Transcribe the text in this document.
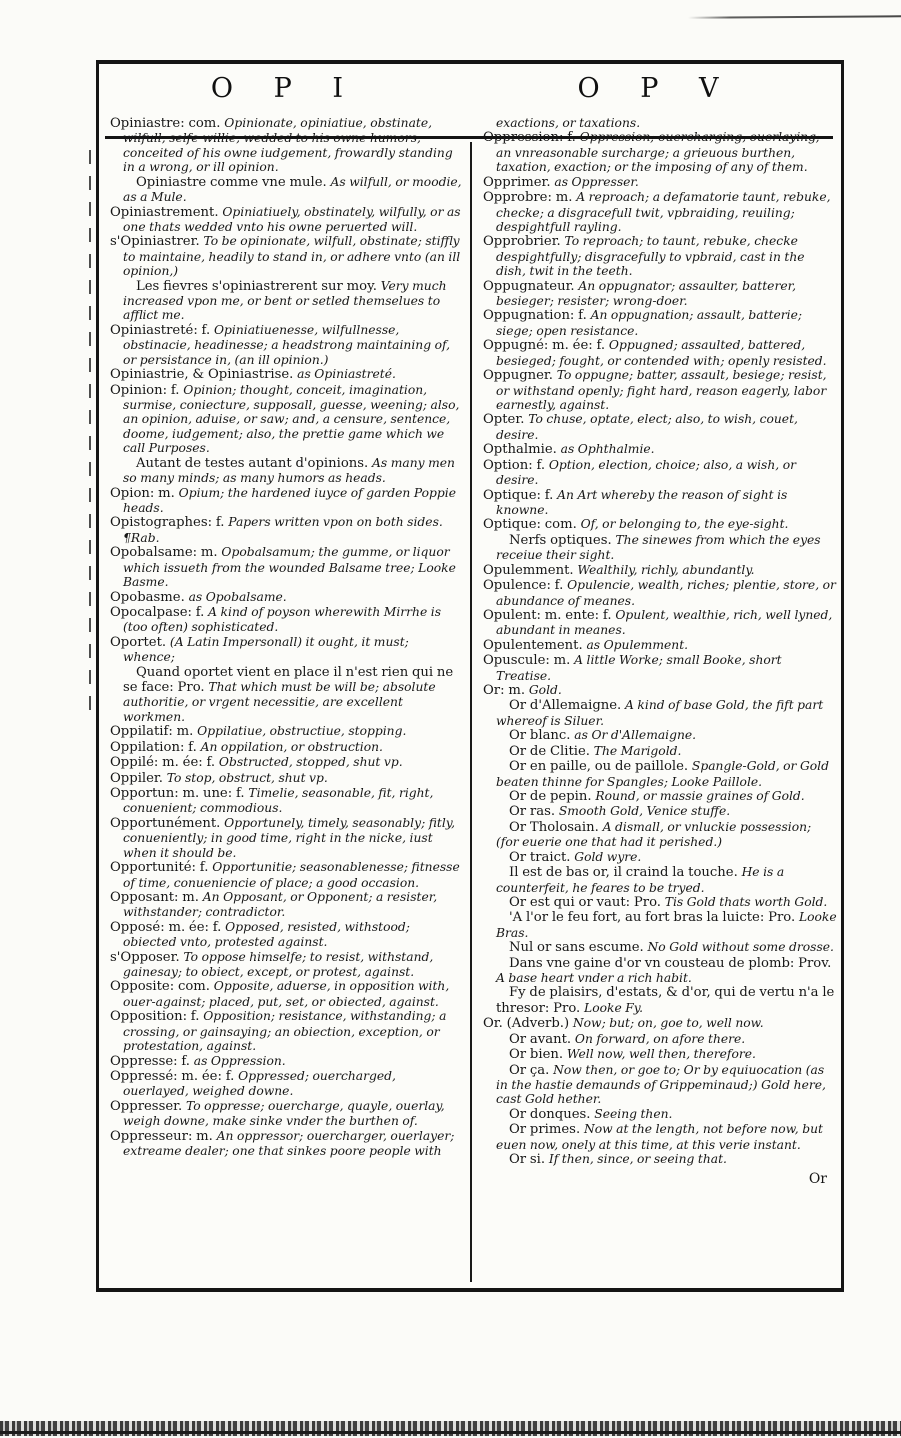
O P I	O P V

Opiniastre: com. Opinionate, opiniatiue, obstinate, wilfull, selfe-willie, wedded to his owne humors, conceited of his owne iudgement, frowardly standing in a wrong, or ill opinion.

Opiniastre comme vne mule. As wilfull, or moodie, as a Mule.

Opiniastrement. Opiniatiuely, obstinately, wilfully, or as one thats wedded vnto his owne peruerted will.

s'Opiniastrer. To be opinionate, wilfull, obstinate; stiffly to maintaine, headily to stand in, or adhere vnto (an ill opinion,)

Les fievres s'opiniastrerent sur moy. Very much increased vpon me, or bent or setled themselues to afflict me.

Opiniastreté: f. Opiniatiuenesse, wilfullnesse, obstinacie, headinesse; a headstrong maintaining of, or persistance in, (an ill opinion.)

Opiniastrie, & Opiniastrise. as Opiniastreté.

Opinion: f. Opinion; thought, conceit, imagination, surmise, coniecture, supposall, guesse, weening; also, an opinion, aduise, or saw; and, a censure, sentence, doome, iudgement; also, the prettie game which we call Purposes.

Autant de testes autant d'opinions. As many men so many minds; as many humors as heads.

Opion: m. Opium; the hardened iuyce of garden Poppie heads.

Opistographes: f. Papers written vpon on both sides. ¶Rab.

Opobalsame: m. Opobalsamum; the gumme, or liquor which issueth from the wounded Balsame tree; Looke Basme.

Opobasme. as Opobalsame.

Opocalpase: f. A kind of poyson wherewith Mirrhe is (too often) sophisticated.

Oportet. (A Latin Impersonall) it ought, it must; whence;

Quand oportet vient en place il n'est rien qui ne se face: Pro. That which must be will be; absolute authoritie, or vrgent necessitie, are excellent workmen.

Oppilatif: m. Oppilatiue, obstructiue, stopping.

Oppilation: f. An oppilation, or obstruction.

Oppilé: m. ée: f. Obstructed, stopped, shut vp.

Oppiler. To stop, obstruct, shut vp.

Opportun: m. une: f. Timelie, seasonable, fit, right, conuenient; commodious.

Opportunément. Opportunely, timely, seasonably; fitly, conueniently; in good time, right in the nicke, iust when it should be.

Opportunité: f. Opportunitie; seasonablenesse; fitnesse of time, conueniencie of place; a good occasion.

Opposant: m. An Opposant, or Opponent; a resister, withstander; contradictor.

Opposé: m. ée: f. Opposed, resisted, withstood; obiected vnto, protested against.

s'Opposer. To oppose himselfe; to resist, withstand, gainesay; to obiect, except, or protest, against.

Opposite: com. Opposite, aduerse, in opposition with, ouer-against; placed, put, set, or obiected, against.

Opposition: f. Opposition; resistance, withstanding; a crossing, or gainsaying; an obiection, exception, or protestation, against.

Oppresse: f. as Oppression.

Oppressé: m. ée: f. Oppressed; ouercharged, ouerlayed, weighed downe.

Oppresser. To oppresse; ouercharge, quayle, ouerlay, weigh downe, make sinke vnder the burthen of.

Oppresseur: m. An oppressor; ouercharger, ouerlayer; extreame dealer; one that sinkes poore people with

exactions, or taxations.

Oppression: f. Oppression; ouercharging, ouerlaying; an vnreasonable surcharge; a grieuous burthen, taxation, exaction; or the imposing of any of them.

Opprimer. as Oppresser.

Opprobre: m. A reproach; a defamatorie taunt, rebuke, checke; a disgracefull twit, vpbraiding, reuiling; despightfull rayling.

Opprobrier. To reproach; to taunt, rebuke, checke despightfully; disgracefully to vpbraid, cast in the dish, twit in the teeth.

Oppugnateur. An oppugnator; assaulter, batterer, besieger; resister; wrong-doer.

Oppugnation: f. An oppugnation; assault, batterie; siege; open resistance.

Oppugné: m. ée: f. Oppugned; assaulted, battered, besieged; fought, or contended with; openly resisted.

Oppugner. To oppugne; batter, assault, besiege; resist, or withstand openly; fight hard, reason eagerly, labor earnestly, against.

Opter. To chuse, optate, elect; also, to wish, couet, desire.

Opthalmie. as Ophthalmie.

Option: f. Option, election, choice; also, a wish, or desire.

Optique: f. An Art whereby the reason of sight is knowne.

Optique: com. Of, or belonging to, the eye-sight.

Nerfs optiques. The sinewes from which the eyes receiue their sight.

Opulemment. Wealthily, richly, abundantly.

Opulence: f. Opulencie, wealth, riches; plentie, store, or abundance of meanes.

Opulent: m. ente: f. Opulent, wealthie, rich, well lyned, abundant in meanes.

Opulentement. as Opulemment.

Opuscule: m. A little Worke; small Booke, short Treatise.

Or: m. Gold.

Or d'Allemaigne. A kind of base Gold, the fift part whereof is Siluer.

Or blanc. as Or d'Allemaigne.

Or de Clitie. The Marigold.

Or en paille, ou de paillole. Spangle-Gold, or Gold beaten thinne for Spangles; Looke Paillole.

Or de pepin. Round, or massie graines of Gold.

Or ras. Smooth Gold, Venice stuffe.

Or Tholosain. A dismall, or vnluckie possession; (for euerie one that had it perished.)

Or traict. Gold wyre.

Il est de bas or, il craind la touche. He is a counterfeit, he feares to be tryed.

Or est qui or vaut: Pro. Tis Gold thats worth Gold.

'A l'or le feu fort, au fort bras la luicte: Pro. Looke Bras.

Nul or sans escume. No Gold without some drosse.

Dans vne gaine d'or vn cousteau de plomb: Prov. A base heart vnder a rich habit.

Fy de plaisirs, d'estats, & d'or, qui de vertu n'a le thresor: Pro. Looke Fy.

Or. (Adverb.) Now; but; on, goe to, well now.

Or avant. On forward, on afore there.

Or bien. Well now, well then, therefore.

Or ça. Now then, or goe to; Or by equiuocation (as in the hastie demaunds of Grippeminaud;) Gold here, cast Gold hether.

Or donques. Seeing then.

Or primes. Now at the length, not before now, but euen now, onely at this time, at this verie instant.

Or si. If then, since, or seeing that.

Or
